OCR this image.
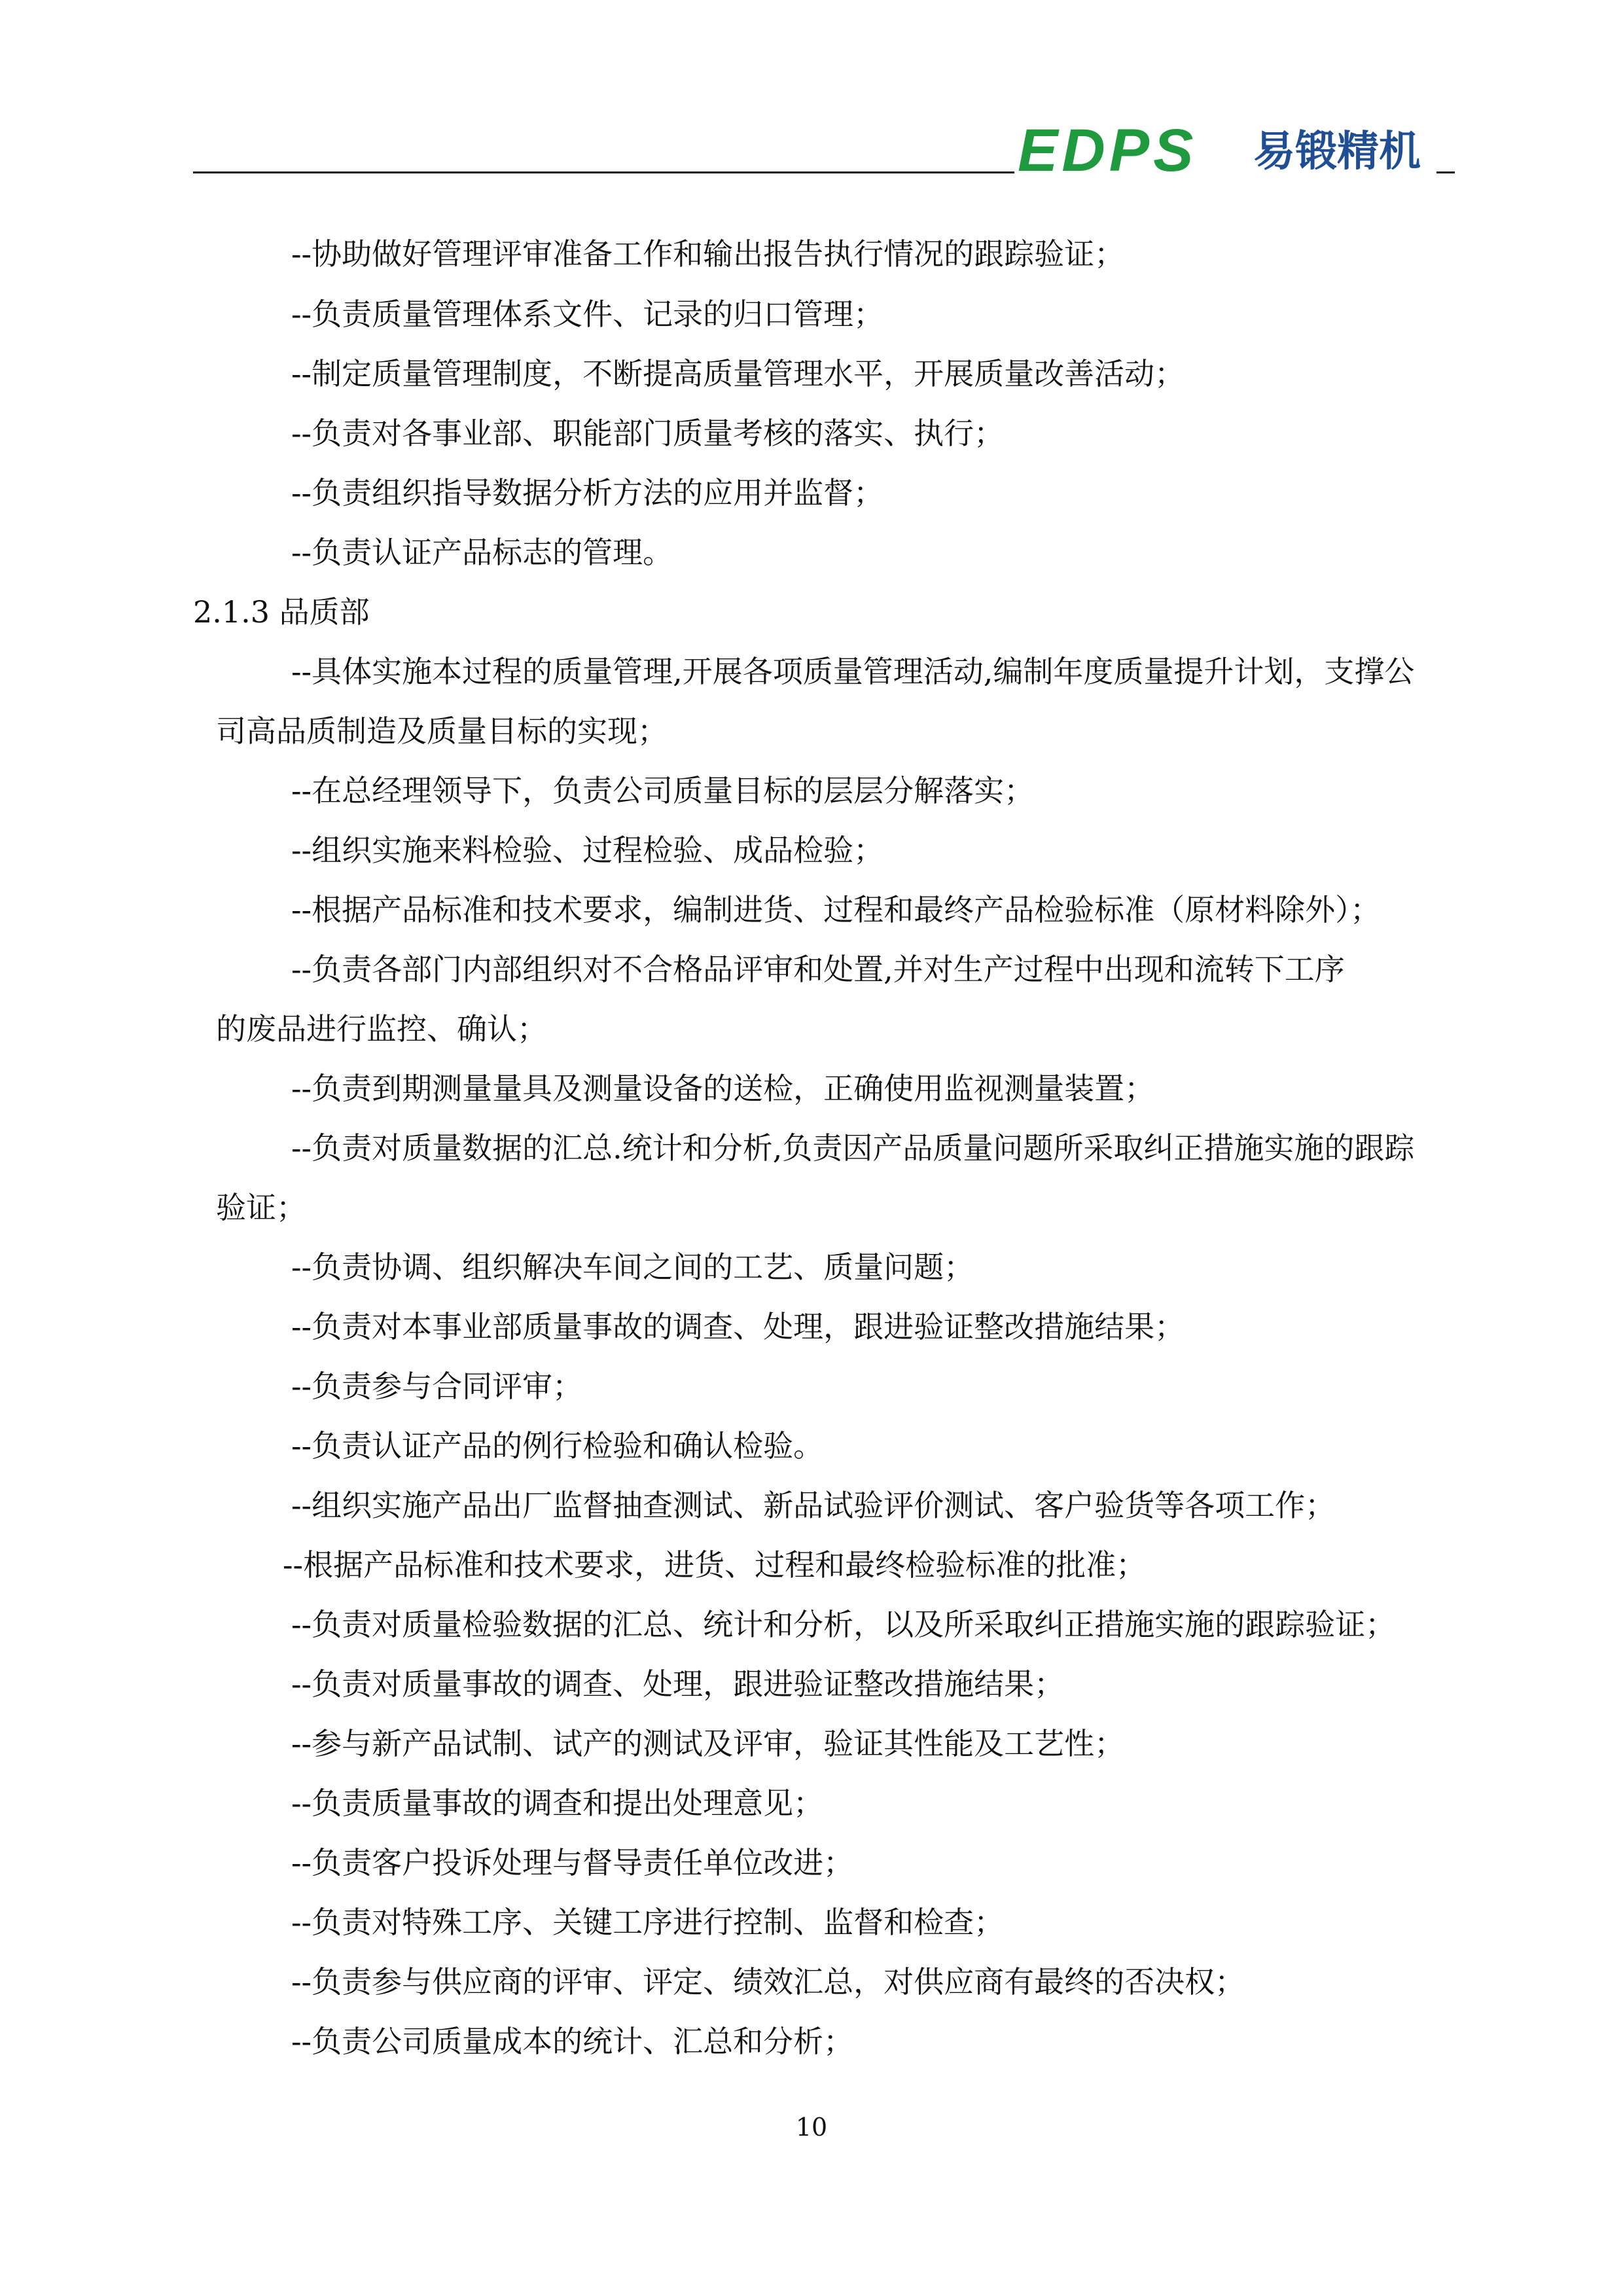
EDPS 易锻精机
--协助做好管理评审准备工作和输出报告执行情况的跟踪验证；
--负责质量管理体系文件、记录的归口管理；
--制定质量管理制度，不断提高质量管理水平，开展质量改善活动；
--负责对各事业部、职能部门质量考核的落实、执行；
--负责组织指导数据分析方法的应用并监督；
--负责认证产品标志的管理。
2.1.3 品质部
--具体实施本过程的质量管理,开展各项质量管理活动,编制年度质量提升计划，支撑公
司高品质制造及质量目标的实现；
--在总经理领导下，负责公司质量目标的层层分解落实；
--组织实施来料检验、过程检验、成品检验；
--根据产品标准和技术要求，编制进货、过程和最终产品检验标准（原材料除外）；
--负责各部门内部组织对不合格品评审和处置,并对生产过程中出现和流转下工序
的废品进行监控、确认；
--负责到期测量量具及测量设备的送检，正确使用监视测量装置；
--负责对质量数据的汇总.统计和分析,负责因产品质量问题所采取纠正措施实施的跟踪
验证；
--负责协调、组织解决车间之间的工艺、质量问题；
--负责对本事业部质量事故的调查、处理，跟进验证整改措施结果；
--负责参与合同评审；
--负责认证产品的例行检验和确认检验。
--组织实施产品出厂监督抽查测试、新品试验评价测试、客户验货等各项工作；
--根据产品标准和技术要求，进货、过程和最终检验标准的批准；
--负责对质量检验数据的汇总、统计和分析，以及所采取纠正措施实施的跟踪验证；
--负责对质量事故的调查、处理，跟进验证整改措施结果；
--参与新产品试制、试产的测试及评审，验证其性能及工艺性；
--负责质量事故的调查和提出处理意见；
--负责客户投诉处理与督导责任单位改进；
--负责对特殊工序、关键工序进行控制、监督和检查；
--负责参与供应商的评审、评定、绩效汇总，对供应商有最终的否决权；
--负责公司质量成本的统计、汇总和分析；
10
